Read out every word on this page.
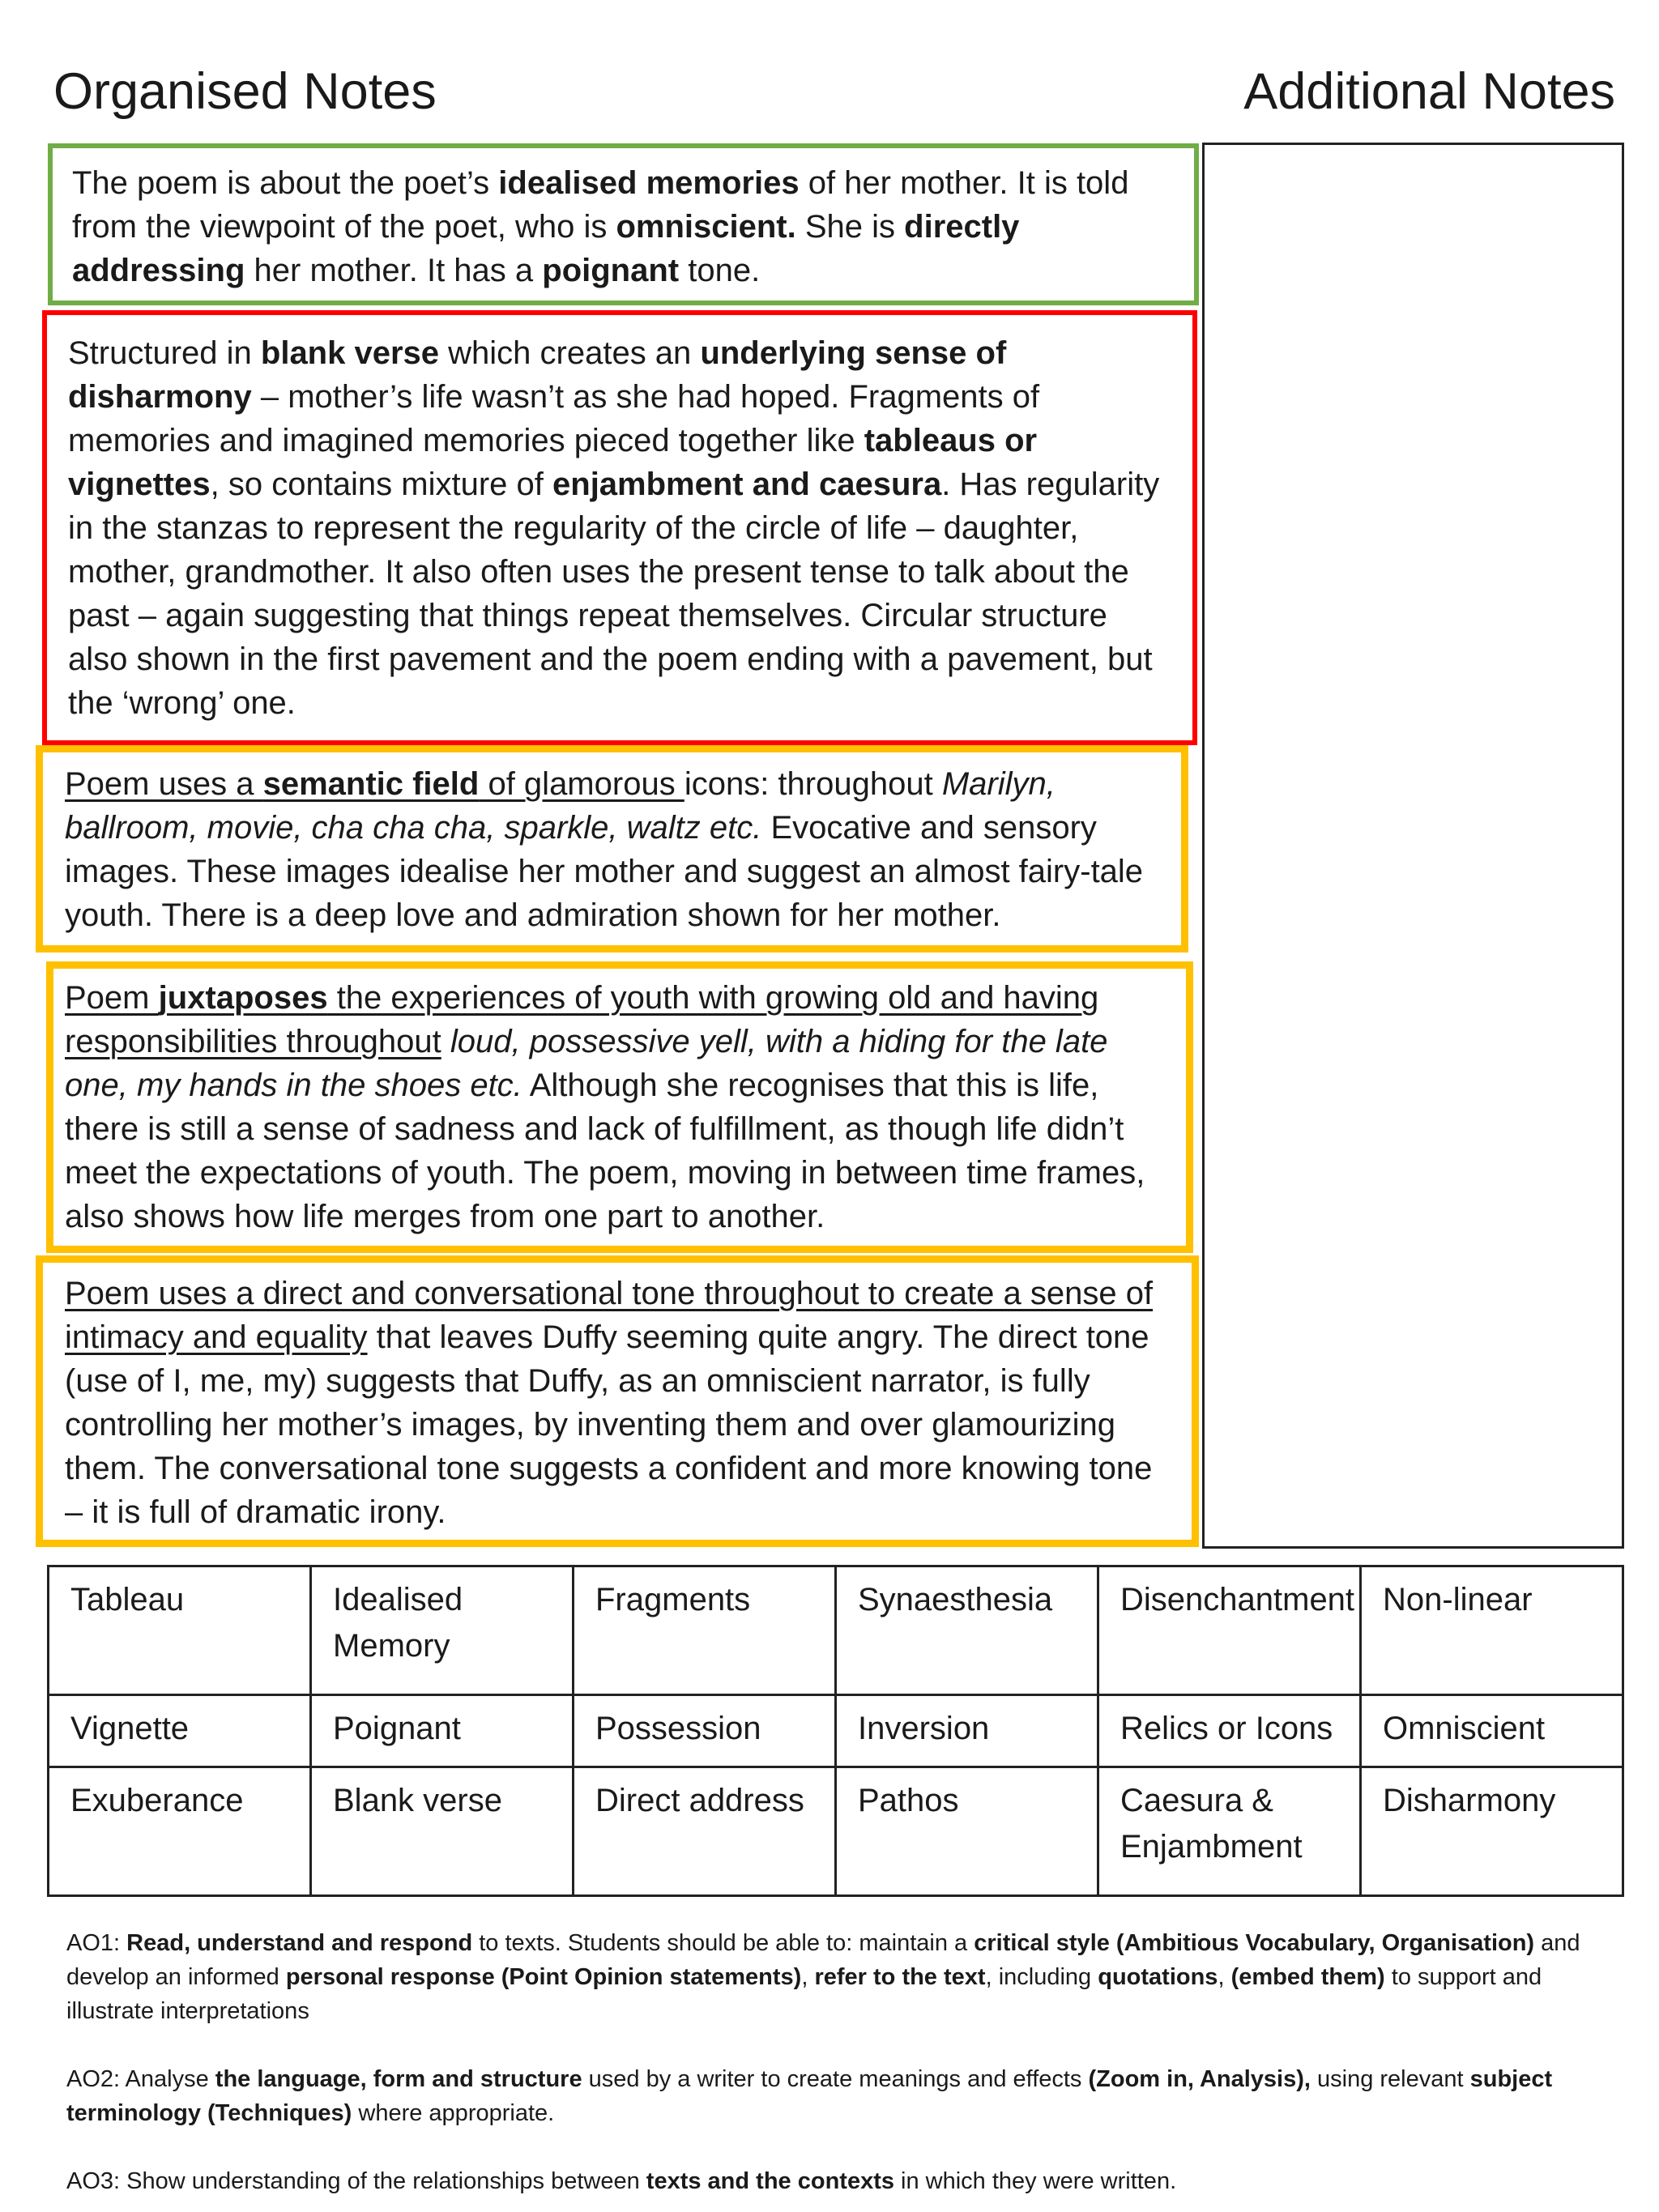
Organised Notes	Additional Notes

The poem is about the poet’s idealised memories of her mother. It is told from the viewpoint of the poet, who is omniscient. She is directly addressing her mother. It has a poignant tone.

Structured in blank verse which creates an underlying sense of disharmony – mother’s life wasn’t as she had hoped. Fragments of memories and imagined memories pieced together like tableaus or vignettes, so contains mixture of enjambment and caesura. Has regularity in the stanzas to represent the regularity of the circle of life – daughter, mother, grandmother. It also often uses the present tense to talk about the past – again suggesting that things repeat themselves. Circular structure also shown in the first pavement and the poem ending with a pavement, but the ‘wrong’ one.

Poem uses a semantic field of glamorous icons: throughout Marilyn, ballroom, movie, cha cha cha, sparkle, waltz etc. Evocative and sensory images. These images idealise her mother and suggest an almost fairy-tale youth. There is a deep love and admiration shown for her mother.

Poem juxtaposes the experiences of youth with growing old and having responsibilities throughout loud, possessive yell, with a hiding for the late one, my hands in the shoes etc. Although she recognises that this is life, there is still a sense of sadness and lack of fulfillment, as though life didn’t meet the expectations of youth. The poem, moving in between time frames, also shows how life merges from one part to another.

Poem uses a direct and conversational tone throughout to create a sense of intimacy and equality that leaves Duffy seeming quite angry. The direct tone (use of I, me, my) suggests that Duffy, as an omniscient narrator, is fully controlling her mother’s images, by inventing them and over glamourizing them. The conversational tone suggests a confident and more knowing tone – it is full of dramatic irony.

Tableau	Idealised Memory	Fragments	Synaesthesia	Disenchantment	Non-linear
Vignette	Poignant	Possession	Inversion	Relics or Icons	Omniscient
Exuberance	Blank verse	Direct address	Pathos	Caesura & Enjambment	Disharmony

AO1: Read, understand and respond to texts. Students should be able to: maintain a critical style (Ambitious Vocabulary, Organisation) and develop an informed personal response (Point Opinion statements), refer to the text, including quotations, (embed them) to support and illustrate interpretations

AO2: Analyse the language, form and structure used by a writer to create meanings and effects (Zoom in, Analysis), using relevant subject terminology (Techniques) where appropriate.

AO3: Show understanding of the relationships between texts and the contexts in which they were written.
